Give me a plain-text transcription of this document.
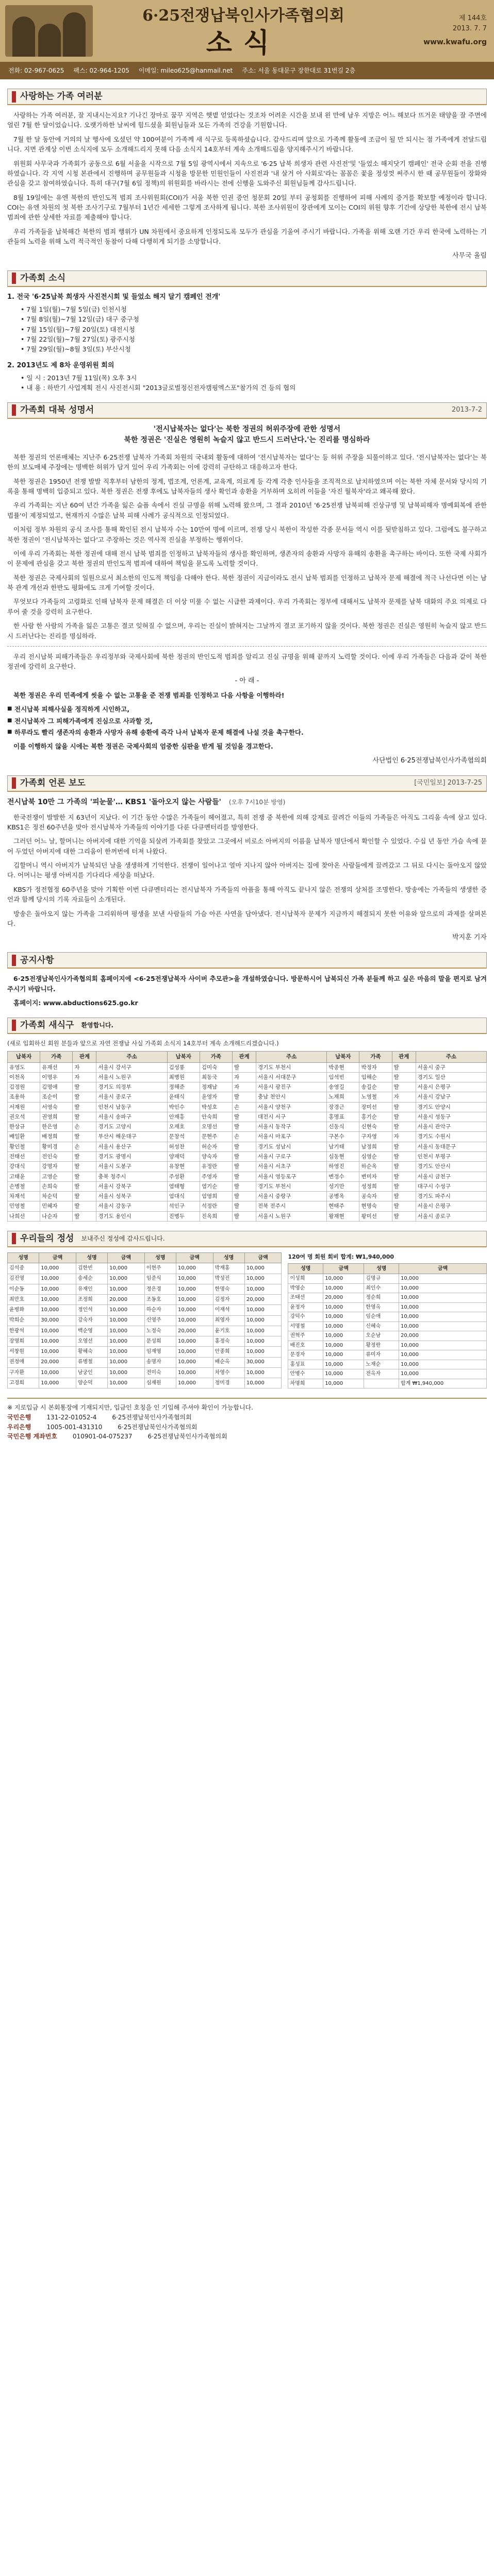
6·25전쟁납북인사가족협의회
소식
제 144호
2013. 7. 7
www.kwafu.org
전화: 02-967-0625 팩스: 02-964-1205 이메일: mileo625@hanmail.net 주소: 서울 동대문구 장한대로 31번길 2층
사랑하는 가족 여러분

사랑하는 가족 여러분, 잘 지내시는지요? 기나긴 장마로 꿈꾸 지역은 햇볕 얻었다는 것조차 어려운 시간을 보내 왼 만에 남우 지방은 어느 해보다 뜨거운 태양을 잘 주면에 얼린 7월 한 달이었습니다. 오랫가하한 날씨에 힘드셨을 회원님들과 모든 가족의 건강을 기원합니다.

7월 한 달 동안에 거의의 날 행사에 오셨던 약 100여분이 가족께 새 식구로 등록하셨습니다. 감사드리며 앞으로 가족께 활동에 조금이 될 만 되시는 점 가족에게 전달드립니다. 지면 관계상 이번 소식지에 모두 소개해드리지 못해 다음 소식지 14호부터 계속 소개해드림을 양지해주시기 바랍니다.

위원회 사무국과 가족회가 공동으로 6월 서울을 시작으로 7월 5일 광역시에서 지속으로 '6·25 납북 희생자 관련 사진전'및 '들었소 해지닷기 캠페인' 전국 순회 전을 진행하였습니다. 각 지역 시청 본관에서 진행하며 공무원들과 시청을 방문한 민원인들이 사진전과 '내 살거 아 사회로'라는 꼼꼼은 꽃을 정성껏 써주시 한 때 공무원들이 장화와 관심을 갖고 참여하였습니다. 특히 대구(7월 6일 정책)의 위원회를 바라시는 전에 신행을 도와주신 회원님들께 감사드립니다.

8월 19일에는 유엔 북한의 반인도적 범죄 조사위원회(COI)가 서울 북한 인권 증언 청문회 20일 부터 공청회를 진행하여 피해 사례의 증거를 확보할 예정이라 합니다. COI는 유엔 차원의 첫 북한 조사기구로 7월부터 1년간 세세한 그렇게 조사하게 됩니다. 북한 조사위원이 장관에게 모이는 COI의 위원 향후 기간에 상당한 북한에 전시 납북 범죄에 관한 상세한 자료를 제출해야 합니다.

우리 가족들을 납북해간 북한의 범죄 행위가 UN 차원에서 중요하게 인정되도록 모두가 관심을 기울여 주시기 바랍니다. 가족을 위해 오랜 기간 우리 한국에 노력하는 기관들의 노력을 위해 노력 적극적인 동참이 다해 다행히게 되기를 소망합니다.

사무국 올림
가족회 소식
1. 전국 '6·25납북 희생자 사진전시회 및 들었소 해지 달기 캠페인 전개'
• 7월 1일(월)~7월 5일(금) 인천시청
• 7월 8일(월)~7월 12일(금) 대구 중구청
• 7월 15일(월)~7월 20일(토) 대전시청
• 7월 22일(월)~7월 27일(토) 광주시청
• 7월 29일(월)~8월 3일(토) 부산시청
2. 2013년도 제 8차 운영위원 회의
• 일 시 : 2013년 7월 11일(목) 오후 3시
• 내 용 : 하반기 사업계획 전시 사진전시회 "2013글로벌정신전자캠핑엑스포"참가의 건 등의 협의
가족회 대북 성명서	2013-7-2
'전시납북자는 없다'는 북한 정권의 허위주장에 관한 성명서
북한 정권은 '진실은 영원히 녹슬지 않고 반드시 드러난다.'는 진리를 명심하라

북한 정권의 언론매체는 지난주 6·25전쟁 납북자 가족회 차원의 국내외 활동에 대하여 '전시납북자는 없다'는 등 허위 주장을 되풀이하고 있다. '전시납북자는 없다'는 북한의 보도매체 주장에는 명백한 허위가 담겨 있어 우리 가족회는 이에 강력히 규탄하고 대응하고자 한다.

북한 정권은 1950년 전쟁 발발 직후부터 남한의 정계, 법조계, 언론계, 교육계, 의료계 등 각계 각층 인사들을 조직적으로 납치하였으며 이는 북한 자체 문서와 당시의 기록을 통해 명백히 입증되고 있다. 북한 정권은 전쟁 후에도 납북자들의 생사 확인과 송환을 거부하며 오히려 이들을 '자진 월북자'라고 왜곡해 왔다.

우리 가족회는 지난 60여 년간 가족을 잃은 슬픔 속에서 진실 규명을 위해 노력해 왔으며, 그 결과 2010년 '6·25전쟁 납북피해 진상규명 및 납북피해자 명예회복에 관한 법률'이 제정되었고, 현재까지 수많은 납북 피해 사례가 공식적으로 인정되었다.

이처럼 정부 차원의 공식 조사를 통해 확인된 전시 납북자 수는 10만여 명에 이르며, 전쟁 당시 북한이 작성한 각종 문서들 역시 이를 뒷받침하고 있다. 그럼에도 불구하고 북한 정권이 '전시납북자는 없다'고 주장하는 것은 역사적 진실을 부정하는 행위이다.

이에 우리 가족회는 북한 정권에 대해 전시 납북 범죄를 인정하고 납북자들의 생사를 확인하며, 생존자의 송환과 사망자 유해의 송환을 촉구하는 바이다. 또한 국제 사회가 이 문제에 관심을 갖고 북한 정권의 반인도적 범죄에 대하여 책임을 묻도록 노력할 것이다.

북한 정권은 국제사회의 일원으로서 최소한의 인도적 책임을 다해야 한다. 북한 정권이 지금이라도 전시 납북 범죄를 인정하고 납북자 문제 해결에 적극 나선다면 이는 남북 관계 개선과 한반도 평화에도 크게 기여할 것이다.

무엇보다 가족들의 고령화로 인해 납북자 문제 해결은 더 이상 미룰 수 없는 시급한 과제이다. 우리 가족회는 정부에 대해서도 납북자 문제를 남북 대화의 주요 의제로 다루어 줄 것을 강력히 요구한다.

한 사람 한 사람의 가족을 잃은 고통은 결코 잊혀질 수 없으며, 우리는 진실이 밝혀지는 그날까지 결코 포기하지 않을 것이다. 북한 정권은 진실은 영원히 녹슬지 않고 반드시 드러난다는 진리를 명심하라.

우리 전시납북 피해가족들은 우리정부와 국제사회에 북한 정권의 반인도적 범죄를 알리고 진실 규명을 위해 끝까지 노력할 것이다. 이에 우리 가족들은 다음과 같이 북한 정권에 강력히 요구한다.

- 아 래 -

북한 정권은 우리 민족에게 씻을 수 없는 고통을 준 전쟁 범죄를 인정하고 다음 사항을 이행하라!

■ 전시납북 피해사실을 정직하게 시인하고,
■ 전시납북자 그 피해가족에게 진심으로 사과할 것,
■ 하루라도 빨리 생존자의 송환과 사망자 유해 송환에 즉각 나서 납북자 문제 해결에 나설 것을 촉구한다.

이를 이행하지 않을 시에는 북한 정권은 국제사회의 엄중한 심판을 받게 될 것임을 경고한다.

사단법인 6·25전쟁납북인사가족협의회
가족회 언론 보도	[국민일보] 2013-7-25
전시납북 10만 그 가족의 '피눈물'… KBS1 '돌아오지 않는 사람들' (오후 7시10분 방영)

한국전쟁이 발발한 지 63년이 지났다. 이 기간 동안 수많은 가족들이 헤어졌고, 특히 전쟁 중 북한에 의해 강제로 끌려간 이들의 가족들은 아직도 그리움 속에 살고 있다. KBS1은 정전 60주년을 맞아 전시납북자 가족들의 이야기를 다룬 다큐멘터리를 방영한다.

그러던 어느 날, 할머니는 아버지에 대한 기억을 되살려 가족회를 찾았고 그곳에서 비로소 아버지의 이름을 납북자 명단에서 확인할 수 있었다. 수십 년 동안 가슴 속에 묻어 두었던 아버지에 대한 그리움이 한꺼번에 터져 나왔다.

김할머니 역시 아버지가 납북되던 날을 생생하게 기억한다. 전쟁이 일어나고 얼마 지나지 않아 아버지는 집에 찾아온 사람들에게 끌려갔고 그 뒤로 다시는 돌아오지 않았다. 어머니는 평생 아버지를 기다리다 세상을 떠났다.

KBS가 정전협정 60주년을 맞아 기획한 이번 다큐멘터리는 전시납북자 가족들의 아픔을 통해 아직도 끝나지 않은 전쟁의 상처를 조명한다. 방송에는 가족들의 생생한 증언과 함께 당시의 기록 자료들이 소개된다.

방송은 돌아오지 않는 가족을 그리워하며 평생을 보낸 사람들의 가슴 아픈 사연을 담아냈다. 전시납북자 문제가 지금까지 해결되지 못한 이유와 앞으로의 과제를 살펴본다.

박지훈 기자
공지사항

6·25전쟁납북인사가족협의회 홈페이지에 <6·25전쟁납북자 사이버 추모관>을 개설하였습니다. 방문하시어 납북되신 가족 분들께 하고 싶은 마음의 말을 편지로 남겨주시기 바랍니다.

홈페이지: www.abductions625.go.kr

가족회 새식구 환영합니다.
(새로 입회하신 회원 분들과 앞으로 자연 전쟁납 사실 가족회 소식지 14호부터 계속 소개해드리겠습니다.)
납북자	가족	관계	주소	납북자	가족	관계	주소	납북자	가족	관계	주소
유영도	유재선	자	서울시 강서구	김성룡	김미숙	딸	경기도 부천시	박종현	박정자	딸	서울시 중구
이천옥	이명우	자	서울시 노원구	최병원	최동국	자	서울시 서대문구	임석빈	임해순	딸	경기도 일산
김정원	김명애	딸	경기도 의정부	정해준	정재남	자	서울시 광진구	송영길	송길순	딸	서울시 은평구
조용하	조순이	딸	서울시 종로구	윤태식	윤영자	딸	충남 천안시	노재희	노영철	자	서울시 강남구
서재원	서영숙	딸	인천시 남동구	박인수	박성호	손	서울시 양천구	장경근	장미선	딸	경기도 안양시
권오석	권영희	딸	서울시 송파구	안재흥	안숙희	딸	대전시 서구	홍명표	홍기순	딸	서울시 성동구
한상규	한은영	손	경기도 고양시	오재호	오명선	딸	서울시 동작구	신동식	신현숙	딸	서울시 관악구
배일환	배정희	딸	부산시 해운대구	문창석	문현주	손	서울시 마포구	구본수	구자영	자	경기도 수원시
황인철	황미경	손	서울시 용산구	허성찬	허순자	딸	경기도 성남시	남기태	남정희	딸	서울시 동대문구
전태선	전인숙	딸	경기도 광명시	양재덕	양숙자	딸	서울시 구로구	심동현	심영순	딸	인천시 부평구
강대식	강명자	딸	서울시 도봉구	유창현	유정란	딸	서울시 서초구	하영진	하순옥	딸	경기도 안산시
고태윤	고영순	딸	충북 청주시	주성환	주영자	딸	서울시 영등포구	변정수	변미자	딸	서울시 금천구
손병철	손희숙	딸	서울시 강북구	염태형	염기순	딸	경기도 부천시	성기만	성정희	딸	대구시 수성구
차재석	차순덕	딸	서울시 성북구	엄대식	엄영희	딸	서울시 중랑구	공병옥	공숙자	딸	경기도 파주시
민영철	민혜자	딸	서울시 강동구	석인구	석정란	딸	전북 전주시	현태주	현명숙	딸	서울시 은평구
나희선	나순자	딸	경기도 용인시	진병두	진옥희	딸	서울시 노원구	왕재현	왕미선	딸	서울시 종로구
우리들의 정성 보내주신 정성에 감사드립니다.
성명	금액	성명	금액	성명	금액	성명	금액
김석중	10,000	김한빈	10,000	이현주	10,000	박재홍	10,000
김진영	10,000	송세순	10,000	임준식	10,000	박성진	10,000
이순동	10,000	유재인	10,000	정은경	10,000	한명숙	10,000
최만호	10,000	조정희	20,000	조동호	10,000	김정자	20,000
윤병화	10,000	정인석	10,000	하순자	10,000	이재석	10,000
박희순	30,000	강숙자	10,000	신영주	10,000	최영자	10,000
한광석	10,000	백순영	10,000	노정숙	20,000	윤기호	10,000
장명희	10,000	오영선	10,000	문성희	10,000	홍정숙	10,000
서창원	10,000	황혜숙	10,000	임재영	10,000	안종희	10,000
권정애	20,000	류병철	10,000	송명자	10,000	배순옥	30,000
구자환	10,000	남궁인	10,000	전미숙	10,000	차영수	10,000
고경희	10,000	양순덕	10,000	심재원	10,000	정미경	10,000
120여 명 회원 회비 합계: ₩1,940,000
성명	금액	성명	금액
이성희	10,000	김명규	10,000
박영순	10,000	최인수	10,000
조태선	20,000	정순희	10,000
윤정자	10,000	한영옥	10,000
강덕수	10,000	임순애	10,000
서명철	10,000	신혜숙	10,000
권혁주	10,000	오순남	20,000
배진호	10,000	황정란	10,000
문경자	10,000	류미자	10,000
홍성표	10,000	노재순	10,000
안병수	10,000	전옥자	10,000
차명희	10,000		합계 ₩1,940,000
※ 지로입금 시 본회통장에 기재되지만, 입금인 호칭을 인 기입해 주셔야 확인이 가능합니다.
국민은행	131-22-01052-4	6·25전쟁납북인사가족협의회
우리은행	1005-001-431310	6·25전쟁납북인사가족협의회
국민은행 계좌번호	010901-04-075237	6·25전쟁납북인사가족협의회
